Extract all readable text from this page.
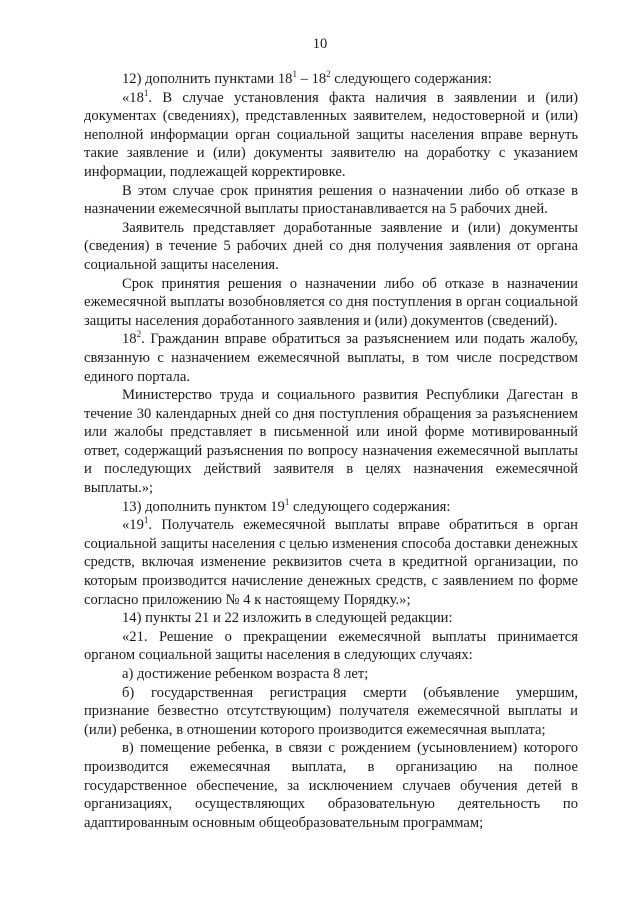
10

12) дополнить пунктами $18^1 - 18^2$ следующего содержания:

«$18^1$. В случае установления факта наличия в заявлении и (или) документах (сведениях), представленных заявителем, недостоверной и (или) неполной информации орган социальной защиты населения вправе вернуть такие заявление и (или) документы заявителю на доработку с указанием информации, подлежащей корректировке.

В этом случае срок принятия решения о назначении либо об отказе в назначении ежемесячной выплаты приостанавливается на 5 рабочих дней.

Заявитель представляет доработанные заявление и (или) документы (сведения) в течение 5 рабочих дней со дня получения заявления от органа социальной защиты населения.

Срок принятия решения о назначении либо об отказе в назначении ежемесячной выплаты возобновляется со дня поступления в орган социальной защиты населения доработанного заявления и (или) документов (сведений).

$18^2$. Гражданин вправе обратиться за разъяснением или подать жалобу, связанную с назначением ежемесячной выплаты, в том числе посредством единого портала.

Министерство труда и социального развития Республики Дагестан в течение 30 календарных дней со дня поступления обращения за разъяснением или жалобы представляет в письменной или иной форме мотивированный ответ, содержащий разъяснения по вопросу назначения ежемесячной выплаты и последующих действий заявителя в целях назначения ежемесячной выплаты.»;

13) дополнить пунктом $19^1$ следующего содержания:

«$19^1$. Получатель ежемесячной выплаты вправе обратиться в орган социальной защиты населения с целью изменения способа доставки денежных средств, включая изменение реквизитов счета в кредитной организации, по которым производится начисление денежных средств, с заявлением по форме согласно приложению № 4 к настоящему Порядку.»;

14) пункты 21 и 22 изложить в следующей редакции:

«21. Решение о прекращении ежемесячной выплаты принимается органом социальной защиты населения в следующих случаях:

а) достижение ребенком возраста 8 лет;

б) государственная регистрация смерти (объявление умершим, признание безвестно отсутствующим) получателя ежемесячной выплаты и (или) ребенка, в отношении которого производится ежемесячная выплата;

в) помещение ребенка, в связи с рождением (усыновлением) которого производится ежемесячная выплата, в организацию на полное государственное обеспечение, за исключением случаев обучения детей в организациях, осуществляющих образовательную деятельность по адаптированным основным общеобразовательным программам;
